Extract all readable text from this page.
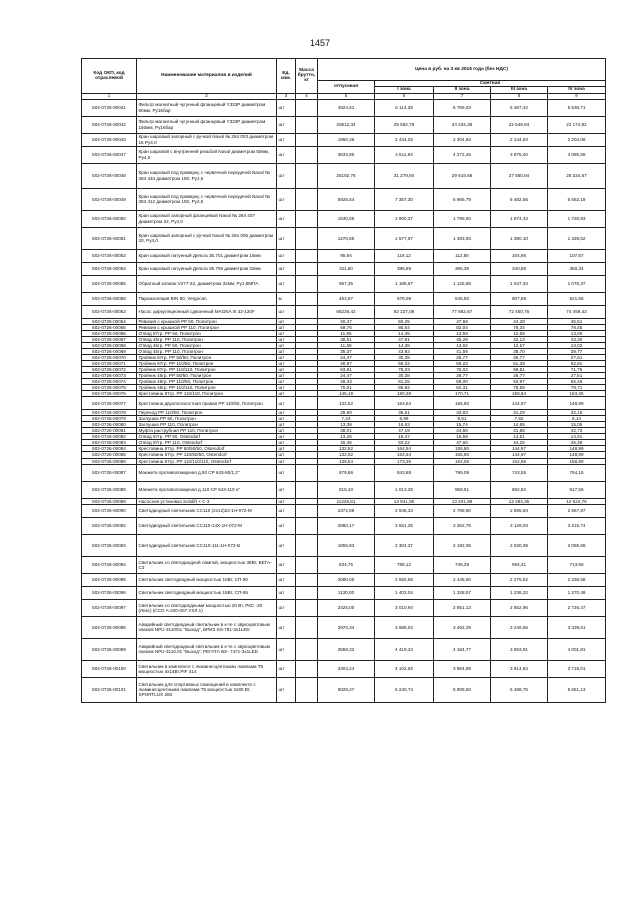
1457
Код ОКП, код отраслевой	Наименование материалов и изделий	Ед. изм.	Масса брутто, кг	Цена в руб. на 3 кв 2015 года (без НДС)				
				отпускная	Сметная			
					I зона	II зона	III зона	IV зона
1	2	3	4	5	6	7	8	9
502-0726-00041	Фильтр магнитный чугунный фланцевый Y333P диаметром 50мм, Ру16бар	шт		4924,51	6 114,39	6 769,03	5 387,42	5 536,71
502-0726-00042	Фильтр магнитный чугунный фланцевый Y333P диаметром 150мм, Ру16бар	шт		20612,34	25 592,78	24 234,38	22 549,94	23 174,82
502-0726-00043	Кран шаровый запорный с ручкой Naval № 284 003 диаметром 15 Ру4,0	шт		1960,36	2 434,03	2 304,83	2 144,63	2 204,06
502-0726-00047	Кран шаровой с внутренней резьбой Naval диаметром 50мм, Ру4,0	шт		3633,90	4 511,94	4 272,45	3 975,40	4 085,56
502-0726-00048	Кран шаровый под приварку с червячной передачей Naval № 284 434 диаметром 150, Ру1,6	шт		25192,76	31 279,94	29 619,68	27 560,84	28 324,67
502-0726-00049	Кран шаровый под приварку с червячной передачей Naval № 284 412 диаметром 150, Ру2,5	шт		5925,54	7 357,30	6 966,79	6 482,56	6 662,19
502-0726-00050	Кран шаровый запорный фланцевый Naval № 284 407 диаметром 32, Ру4,0	шт		1530,55	1 900,37	1 799,50	1 674,43	1 720,83
502-0726-00051	Кран шаровый запорный с ручкой Naval № 284 005 диаметром 20, Ру4,0	шт		1270,65	1 577,67	1 493,93	1 390,10	1 428,62
502-0726-00053	Кран шаровый латунный Дельта 35.701 диаметром 15мм	шт		95,94	119,12	112,80	104,96	107,87
502-0726-00054	Кран шаровый латунный Дельта 35.706 диаметром 32мм	шт		311,60	386,89	366,35	340,89	350,34
502-0726-00055	Обратный клапан V277-32, диаметром 32мм, Ру1,6МПА	шт		957,35	1 188,67	1 125,58	1 047,34	1 076,37
502-0726-00058	Пароизоляция BIN 60, Vergocan	м		463,97	576,08	545,50	507,58	521,65
502-0726-00063	Насос циркуляционный сдвоенный MAGNA III 32-120F	шт		66226,42	82 227,08	77 862,67	72 450,76	74 458,43
502-0726-00064	Ревизия с крышкой PP 50, Политрон	шт		40,47	50,25	47,59	44,28	45,51
502-0726-00065	Ревизия с крышкой PP 110, Политрон	шт		69,76	86,64	82,04	76,34	78,45
502-0726-00066	Отвод 87гр. PP 50, Политрон	шт		11,55	14,35	13,59	12,65	13,00
502-0726-00067	Отвод 45гр. PP 110, Политрон	шт		38,51	47,81	45,28	42,13	43,30
502-0726-00068	Отвод 45гр. PP 50, Политрон	шт		11,58	14,38	13,62	12,67	13,02
502-0726-00069	Отвод 45гр. PP 110, Политрон	шт		35,37	43,92	41,59	38,70	39,77
502-0726-00070	Тройник 87гр. PP 50/50, Политрон	шт		24,47	30,38	28,77	26,77	27,51
502-0726-00071	Тройник 87гр. PP 110/50, Политрон	шт		46,97	58,32	55,23	51,39	52,81
502-0726-00072	Тройник 87гр. PP 110/110, Политрон	шт		63,81	79,23	75,02	69,81	71,75
502-0726-00073	Тройник 45гр. PP 50/50, Политрон	шт		24,47	30,38	28,77	26,77	27,51
502-0726-00074	Тройник 45гр. PP 110/50, Политрон	шт		49,33	61,25	58,00	53,97	55,46
502-0726-00075	Тройник 45гр. PP 110/110, Политрон	шт		70,01	86,92	82,31	76,59	78,71
502-0726-00076	Крестовина 87гр. PP 110/110, Политрон	шт		145,19	180,28	170,71	158,84	163,25
502-0726-00077	Крестовина двухплоскостная правая PP 110/50, Политрон	шт		132,52	164,54	155,80	144,97	148,99
502-0726-00078	Переход PP 110/50, Политрон	шт		28,60	35,51	33,63	31,29	32,16
502-0726-00079	Заглушка PP 50, Политрон	шт		7,24	8,99	8,51	7,92	8,14
502-0726-00080	Заглушка PP 110, Политрон	шт		13,39	16,63	15,74	14,65	15,05
502-0726-00081	Муфта раструбная PP 110, Политрон	шт		38,01	47,19	44,69	41,58	42,73
502-0726-00082	Отвод 67гр. PP 50, Ostendorf	шт		13,26	16,47	15,59	14,51	14,91
502-0726-00083	Отвод 87гр. PP 110, Ostendorf	шт		40,45	50,22	47,56	44,25	45,48
502-0726-00084	Крестовина 67гр. PP 50/50/50, Ostendorf	шт		132,52	164,54	155,80	144,97	148,99
502-0726-00085	Крестовина 67гр. PP 110/50/50, Ostendorf	шт		132,52	164,54	155,80	144,97	148,99
502-0726-00086	Крестовина 67гр. PP 110/110/110, Ostendorf	шт		139,54	173,26	164,06	152,66	156,89
502-0726-00087	Манжета противопожарная д.50 CP 643-50/1,2"	шт		679,66	843,88	799,09	743,55	764,15
502-0726-00088	Манжета противопожарная д.110 CP 643-110 н"	шт		816,10	1 013,29	959,51	892,82	917,56
502-0726-00089	Насосная установка Sololift + C-3	шт		11228,81	13 941,95	13 201,98	12 284,35	12 624,76
502-0726-00090	Светодиодный светильник СС110 (2x12)22-1Н-072-М	шт		2372,88	2 946,23	2 789,60	2 595,94	2 667,87
502-0726-00092	Светодиодный светильник СС110-14Х-1Н-072-М	шт		2860,17	3 551,26	3 362,76	3 129,03	3 215,74
502-0726-00093	Светодиодный светильник СС110-111-1Н-072-В	шт		1855,93	2 304,37	2 182,06	2 030,39	2 086,66
502-0726-00094	Светильник со светодиодной лампой, мощностью 36Вт, ВЕГА-С3	шт		634,75	788,12	746,28	694,41	713,66
502-0726-00095	Светильник светодиодный мощностью 10Вт, СП-50	шт		2080,00	2 582,58	2 445,50	2 275,52	2 338,58
502-0726-00096	Светильник светодиодный мощностью 15Вт, СП-65	шт		1130,00	1 403,04	1 328,57	1 236,22	1 270,48
502-0726-00097	Светильник со светодиодными мощностью 20 Вт, РКС -20 (Лекс) (ССО А-220-007 УХЛ 1)	шт		2425,00	3 010,94	2 851,13	2 652,96	2 726,47
502-0726-00098	Аварийный светодиодный светильник в к-те с звукоцветовым знаком NPU-3110/01 "Выход", БРИЗ SS-781-3x1LED	шт		2970,34	3 688,04	3 492,29	3 249,56	3 339,61
502-0726-00099	Аварийный светодиодный светильник в к-те с звукоцветовым знаком NPU-3110.01 "Выход", РЕГАТА BS- 7471-3x1LED	шт		3559,32	4 419,34	4 184,77	3 893,91	4 001,81
502-0726-00100	Светильник в комплекте с люминесцентными лампами T5 мощностью 4x14Вт,PIF 414	шт		3304,24	4 102,62	3 884,88	3 614,84	3 715,01
502-0726-00101	Светильник для спортивных помещений в комплекте с люминесцентными лампами T5 мощностью 2x80 Вт, SPORTLUX 280	шт		5028,27	6 240,74	5 909,50	5 498,75	5 651,13
